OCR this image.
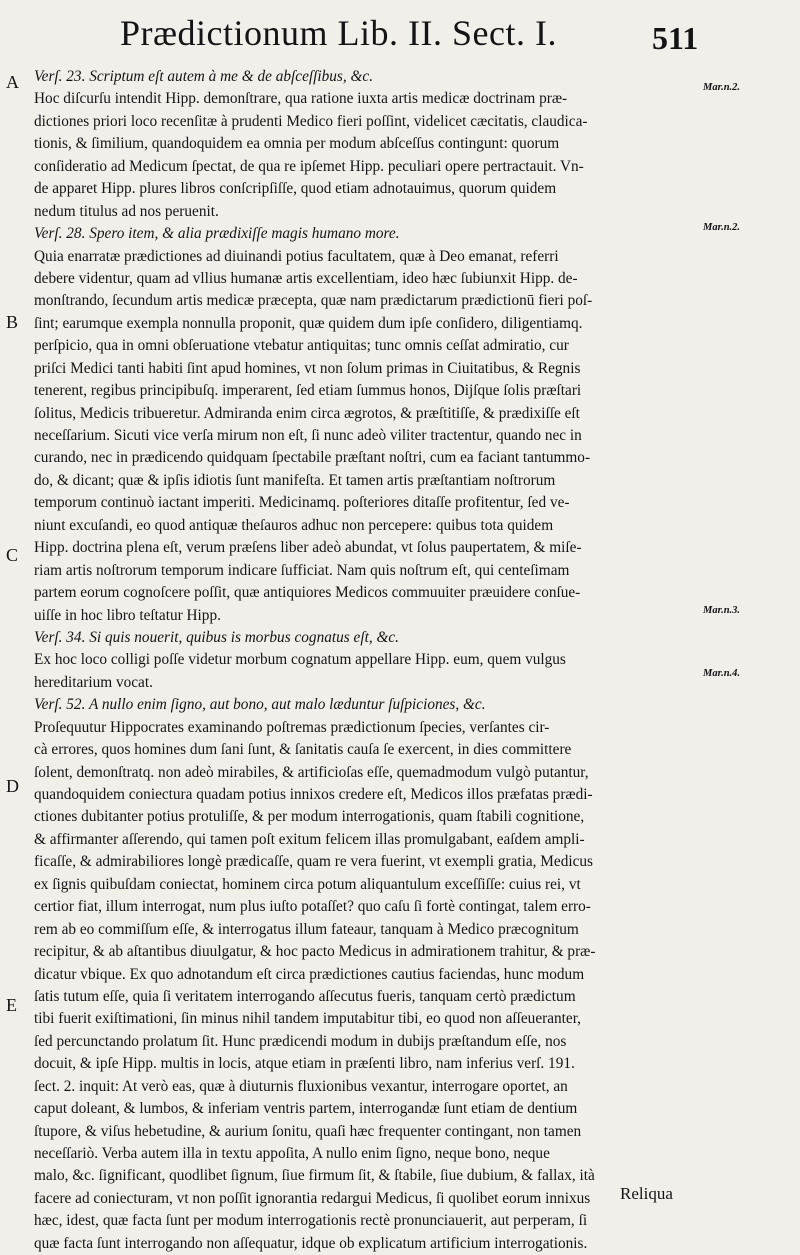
Prædictionum Lib. II. Sect. I.	511
A
B
C
D
E
Mar.n.2.
Mar.n.2.
Mar.n.3.
Mar.n.4.
Verſ. 23. Scriptum eſt autem à me & de abſceſſibus, &c.
Hoc diſcurſu intendit Hipp. demonſtrare, qua ratione iuxta artis medicæ doctrinam præ-
dictiones priori loco recenſitæ à prudenti Medico fieri poſſint, videlicet cæcitatis, claudica-
tionis, & ſimilium, quandoquidem ea omnia per modum abſceſſus contingunt: quorum
conſideratio ad Medicum ſpectat, de qua re ipſemet Hipp. peculiari opere pertractauit. Vn-
de apparet Hipp. plures libros conſcripſiſſe, quod etiam adnotauimus, quorum quidem
nedum titulus ad nos peruenit.
Verſ. 28. Spero item, & alia prædixiſſe magis humano more.
Quia enarratæ prædictiones ad diuinandi potius facultatem, quæ à Deo emanat, referri
debere videntur, quam ad vllius humanæ artis excellentiam, ideo hæc ſubiunxit Hipp. de-
monſtrando, ſecundum artis medicæ præcepta, quæ nam prædictarum prædictionū fieri poſ-
ſint; earumque exempla nonnulla proponit, quæ quidem dum ipſe conſidero, diligentiamq.
perſpicio, qua in omni obſeruatione vtebatur antiquitas; tunc omnis ceſſat admiratio, cur
priſci Medici tanti habiti ſint apud homines, vt non ſolum primas in Ciuitatibus, & Regnis
tenerent, regibus principibuſq. imperarent, ſed etiam ſummus honos, Dijſque ſolis præſtari
ſolitus, Medicis tribueretur. Admiranda enim circa ægrotos, & præſtitiſſe, & prædixiſſe eſt
neceſſarium. Sicuti vice verſa mirum non eſt, ſi nunc adeò viliter tractentur, quando nec in
curando, nec in prædicendo quidquam ſpectabile præſtant noſtri, cum ea faciant tantummo-
do, & dicant; quæ & ipſis idiotis ſunt manifeſta. Et tamen artis præſtantiam noſtrorum
temporum continuò iactant imperiti. Medicinamq. poſteriores ditaſſe profitentur, ſed ve-
niunt excuſandi, eo quod antiquæ theſauros adhuc non percepere: quibus tota quidem
Hipp. doctrina plena eſt, verum præſens liber adeò abundat, vt ſolus paupertatem, & miſe-
riam artis noſtrorum temporum indicare ſufficiat. Nam quis noſtrum eſt, qui centeſimam
partem eorum cognoſcere poſſit, quæ antiquiores Medicos commuuiter præuidere conſue-
uiſſe in hoc libro teſtatur Hipp.
Verſ. 34. Si quis nouerit, quibus is morbus cognatus eſt, &c.
Ex hoc loco colligi poſſe videtur morbum cognatum appellare Hipp. eum, quem vulgus
hereditarium vocat.
Verſ. 52. A nullo enim ſigno, aut bono, aut malo læduntur ſuſpiciones, &c.
Proſequutur Hippocrates examinando poſtremas prædictionum ſpecies, verſantes cir-
cà errores, quos homines dum ſani ſunt, & ſanitatis cauſa ſe exercent, in dies committere
ſolent, demonſtratq. non adeò mirabiles, & artificioſas eſſe, quemadmodum vulgò putantur,
quandoquidem coniectura quadam potius innixos credere eſt, Medicos illos præfatas prædi-
ctiones dubitanter potius protuliſſe, & per modum interrogationis, quam ſtabili cognitione,
& affirmanter aſſerendo, qui tamen poſt exitum felicem illas promulgabant, eaſdem ampli-
ficaſſe, & admirabiliores longè prædicaſſe, quam re vera fuerint, vt exempli gratia, Medicus
ex ſignis quibuſdam coniectat, hominem circa potum aliquantulum exceſſiſſe: cuius rei, vt
certior fiat, illum interrogat, num plus iuſto potaſſet? quo caſu ſi fortè contingat, talem erro-
rem ab eo commiſſum eſſe, & interrogatus illum fateaur, tanquam à Medico præcognitum
recipitur, & ab aſtantibus diuulgatur, & hoc pacto Medicus in admirationem trahitur, & præ-
dicatur vbique. Ex quo adnotandum eſt circa prædictiones cautius faciendas, hunc modum
ſatis tutum eſſe, quia ſi veritatem interrogando aſſecutus fueris, tanquam certò prædictum
tibi fuerit exiſtimationi, ſin minus nihil tandem imputabitur tibi, eo quod non aſſeueranter,
ſed percunctando prolatum ſit. Hunc prædicendi modum in dubijs præſtandum eſſe, nos
docuit, & ipſe Hipp. multis in locis, atque etiam in præſenti libro, nam inferius verſ. 191.
ſect. 2. inquit: At verò eas, quæ à diuturnis fluxionibus vexantur, interrogare oportet, an
caput doleant, & lumbos, & inferiam ventris partem, interrogandæ ſunt etiam de dentium
ſtupore, & viſus hebetudine, & aurium ſonitu, quaſi hæc frequenter contingant, non tamen
neceſſariò. Verba autem illa in textu appoſita, A nullo enim ſigno, neque bono, neque
malo, &c. ſignificant, quodlibet ſignum, ſiue firmum ſit, & ſtabile, ſiue dubium, & fallax, ità
facere ad coniecturam, vt non poſſit ignorantia redargui Medicus, ſi quolibet eorum innixus
hæc, idest, quæ facta ſunt per modum interrogationis rectè pronunciauerit, aut perperam, ſi
quæ facta ſunt interrogando non aſſequatur, idque ob explicatum artificium interrogationis.
Reliqua
